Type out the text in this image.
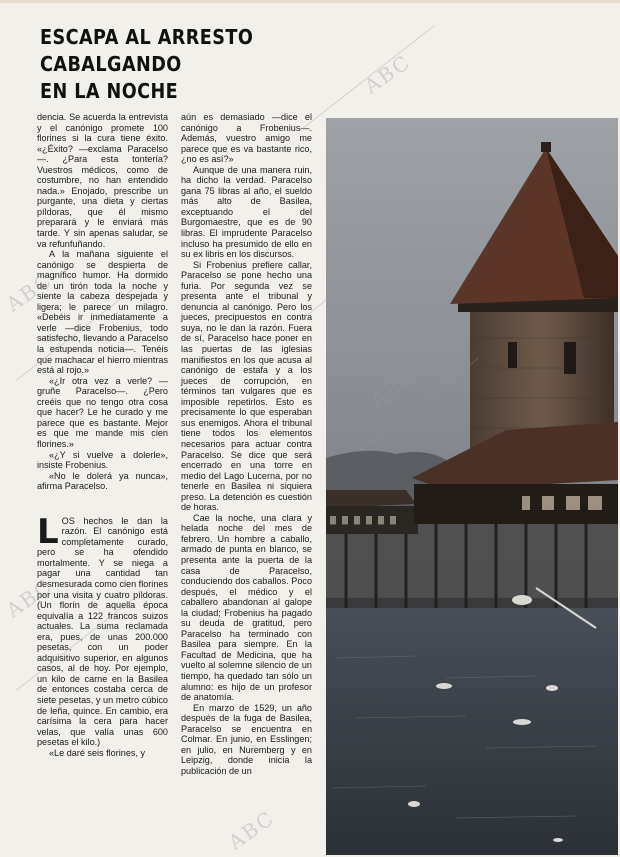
ESCAPA AL ARRESTO
CABALGANDO
EN LA NOCHE

dencia. Se acuerda la entrevista y el canónigo promete 100 florines si la cura tiene éxito. «¿Éxito? —exclama Paracelso—. ¿Para esta tontería? Vuestros médicos, como de costumbre, no han entendido nada.» Enojado, prescribe un purgante, una dieta y ciertas píldoras, que él mismo preparará y le enviará más tarde. Y sin apenas saludar, se va refunfuñando.

A la mañana siguiente el canónigo se despierta de magnífico humor. Ha dormido de un tirón toda la noche y siente la cabeza despejada y ligera; le parece un milagro. «Debéis ir inmediatamente a verle —dice Frobenius, todo satisfecho, llevando a Paracelso la estupenda noticia—. Tenéis que machacar el hierro mientras está al rojo.»

«¿Ir otra vez a verle? —gruñe Paracelso—. ¿Pero creéis que no tengo otra cosa que hacer? Le he curado y me parece que es bastante. Mejor es que me mande mis cien florines.»

«¿Y si vuelve a dolerle», insiste Frobenius.

«No le dolerá ya nunca», afirma Paracelso.

LOS hechos le dan la razón. El canónigo está completamente curado, pero se ha ofendido mortalmente. Y se niega a pagar una cantidad tan desmesurada como cien florines por una visita y cuatro píldoras. (Un florín de aquella época equivalía a 122 francos suizos actuales. La suma reclamada era, pues, de unas 200.000 pesetas, con un poder adquisitivo superior, en algunos casos, al de hoy. Por ejemplo, un kilo de carne en la Basilea de entonces costaba cerca de siete pesetas, y un metro cúbico de leña, quince. En cambio, era carísima la cera para hacer velas, que valía unas 600 pesetas el kilo.)

«Le daré seis florines, y

aún es demasiado —dice el canónigo a Frobenius—. Además, vuestro amigo me parece que es va bastante rico, ¿no es así?»

Aunque de una manera ruin, ha dicho la verdad. Paracelso gana 75 libras al año, el sueldo más alto de Basilea, exceptuando el del Burgomaestre, que es de 90 libras. El imprudente Paracelso incluso ha presumido de ello en su ex libris en los discursos.

Si Frobenius prefiere callar, Paracelso se pone hecho una furia. Por segunda vez se presenta ante el tribunal y denuncia al canónigo. Pero los jueces, precipuestos en contra suya, no le dan la razón. Fuera de sí, Paracelso hace poner en las puertas de las iglesias manifiestos en los que acusa al canónigo de estafa y a los jueces de corrupción, en términos tan vulgares que es imposible repetirlos. Esto es precisamente lo que esperaban sus enemigos. Ahora el tribunal tiene todos los elementos necesarios para actuar contra Paracelso. Se dice que será encerrado en una torre en medio del Lago Lucerna, por no tenerle en Basilea ni siquiera preso. La detención es cuestión de horas.

Cae la noche, una clara y helada noche del mes de febrero. Un hombre a caballo, armado de punta en blanco, se presenta ante la puerta de la casa de Paracelso, conduciendo dos caballos. Poco después, el médico y el caballero abandonan al galope la ciudad; Frobenius ha pagado su deuda de gratitud, pero Paracelso ha terminado con Basilea para siempre. En la Facultad de Medicina, que ha vuelto al solemne silencio de un tiempo, ha quedado tan sólo un alumno: es hijo de un profesor de anatomía.

En marzo de 1529, un año después de la fuga de Basilea, Paracelso se encuentra en Colmar. En junio, en Esslingen; en julio, en Nuremberg y en Leipzig, donde inicia la publicación de un

ABC
ABC
ABC
ABC
ABC
ABC
